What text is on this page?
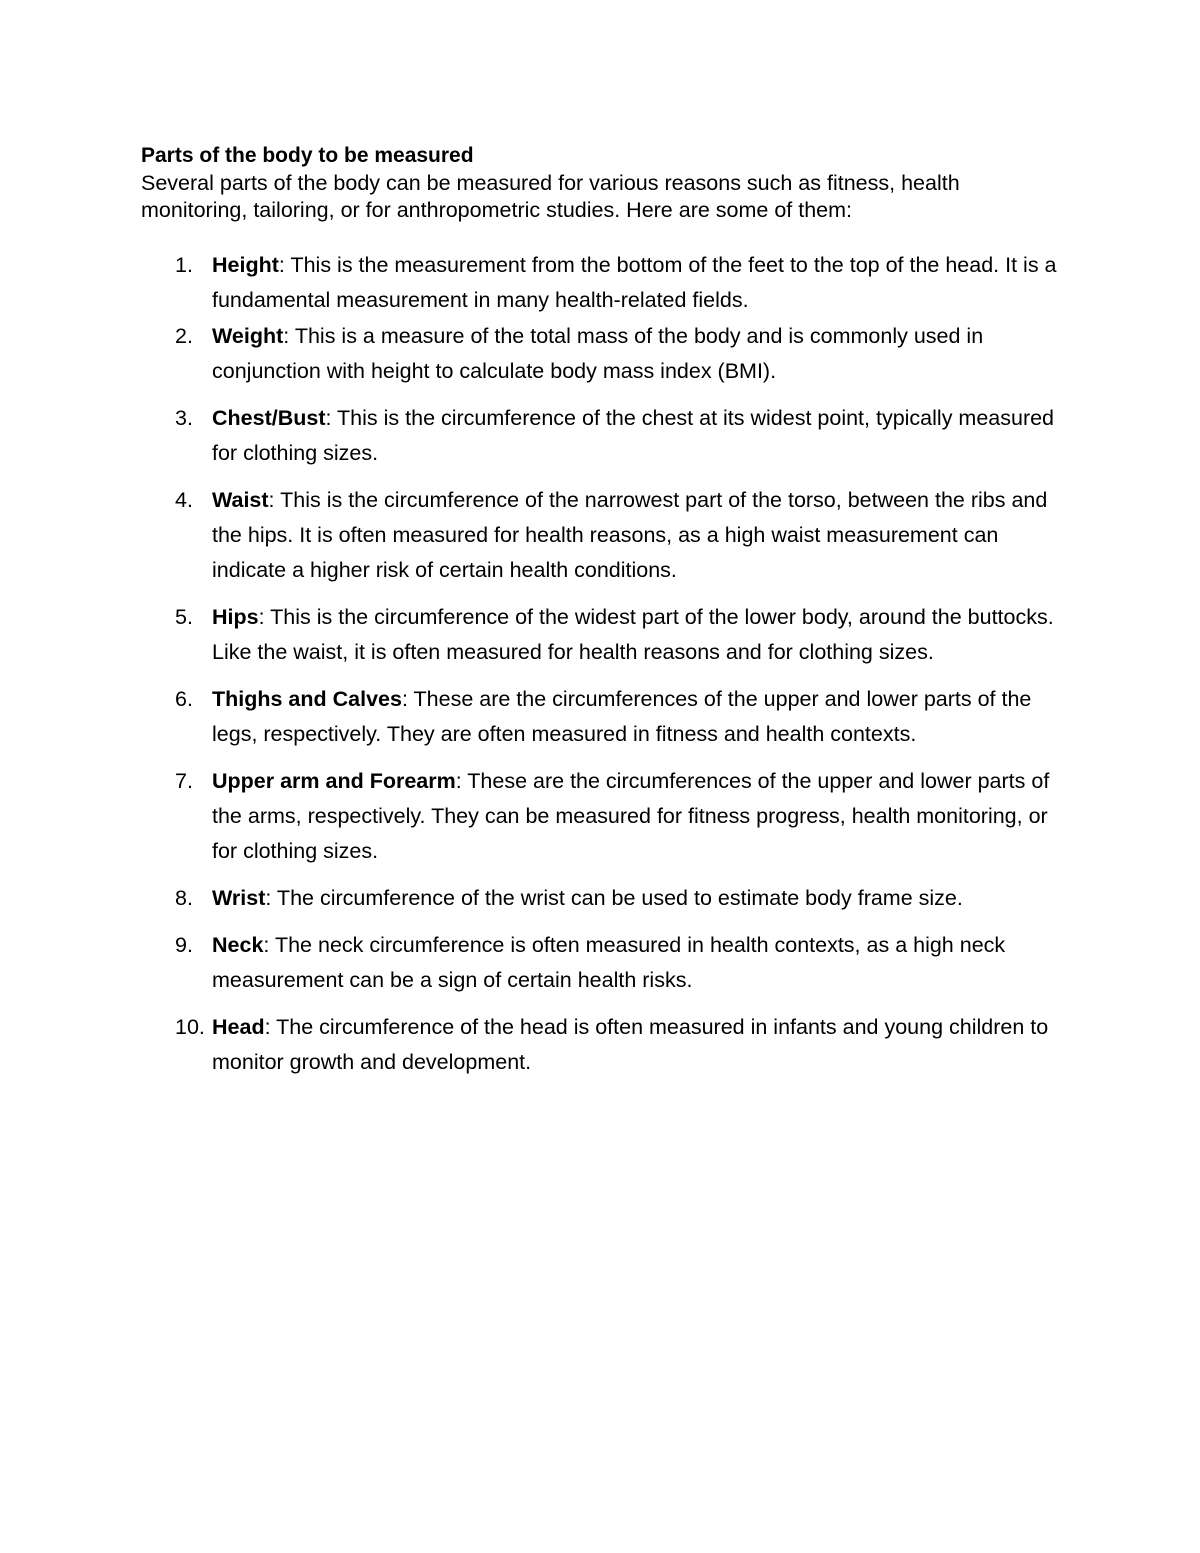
Parts of the body to be measured

Several parts of the body can be measured for various reasons such as fitness, health monitoring, tailoring, or for anthropometric studies. Here are some of them:

1. Height: This is the measurement from the bottom of the feet to the top of the head. It is a fundamental measurement in many health-related fields.
2. Weight: This is a measure of the total mass of the body and is commonly used in conjunction with height to calculate body mass index (BMI).
3. Chest/Bust: This is the circumference of the chest at its widest point, typically measured for clothing sizes.
4. Waist: This is the circumference of the narrowest part of the torso, between the ribs and the hips. It is often measured for health reasons, as a high waist measurement can indicate a higher risk of certain health conditions.
5. Hips: This is the circumference of the widest part of the lower body, around the buttocks. Like the waist, it is often measured for health reasons and for clothing sizes.
6. Thighs and Calves: These are the circumferences of the upper and lower parts of the legs, respectively. They are often measured in fitness and health contexts.
7. Upper arm and Forearm: These are the circumferences of the upper and lower parts of the arms, respectively. They can be measured for fitness progress, health monitoring, or for clothing sizes.
8. Wrist: The circumference of the wrist can be used to estimate body frame size.
9. Neck: The neck circumference is often measured in health contexts, as a high neck measurement can be a sign of certain health risks.
10. Head: The circumference of the head is often measured in infants and young children to monitor growth and development.
